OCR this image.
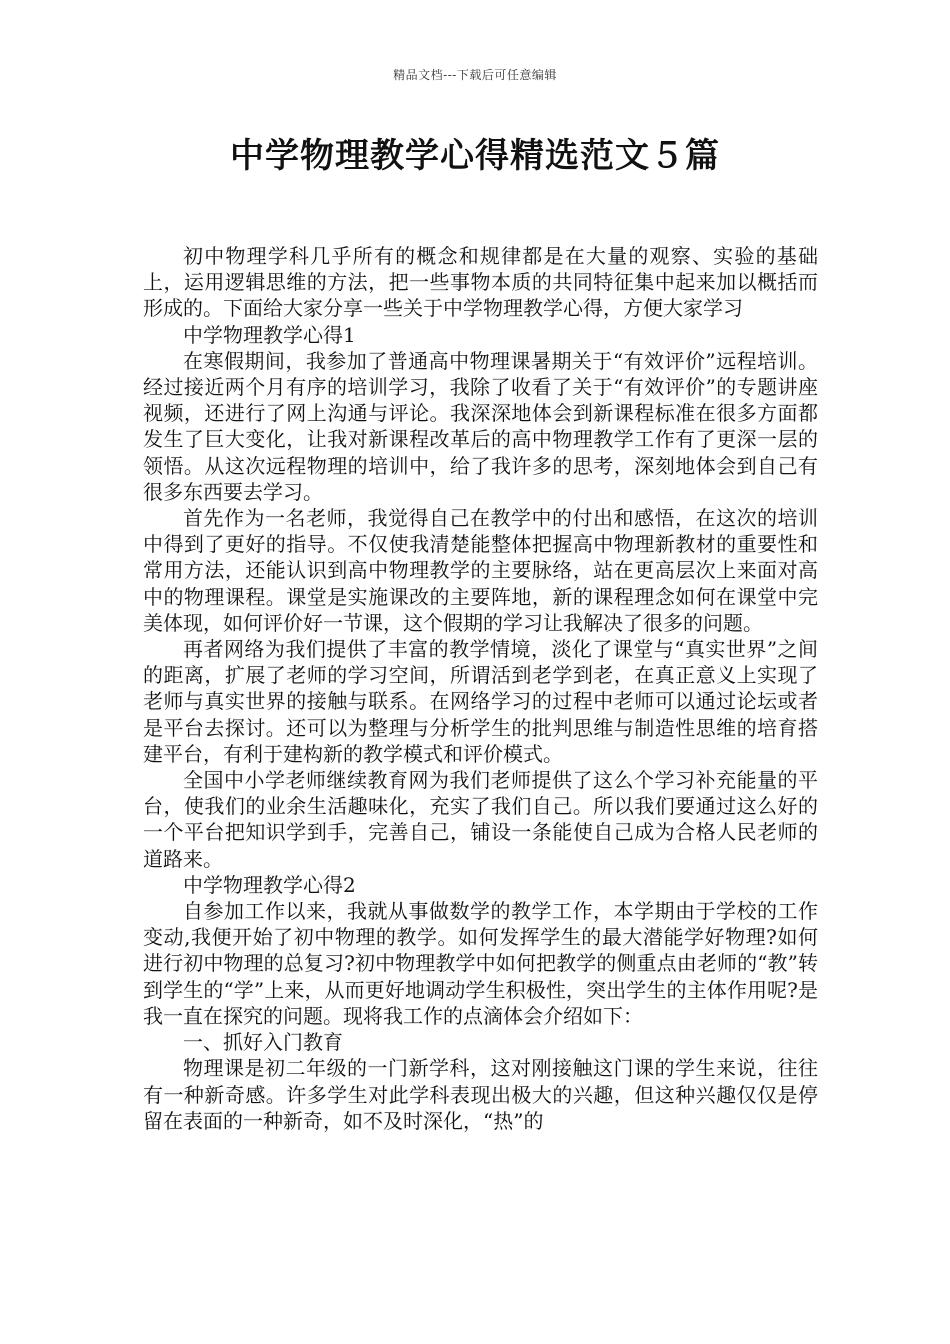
精品文档---下载后可任意编辑
中学物理教学心得精选范文５篇

初中物理学科几乎所有的概念和规律都是在大量的观察、实验的基础上，运用逻辑思维的方法，把一些事物本质的共同特征集中起来加以概括而形成的。下面给大家分享一些关于中学物理教学心得，方便大家学习

中学物理教学心得1

在寒假期间，我参加了普通高中物理课暑期关于“有效评价”远程培训。经过接近两个月有序的培训学习，我除了收看了关于“有效评价”的专题讲座视频，还进行了网上沟通与评论。我深深地体会到新课程标准在很多方面都发生了巨大变化，让我对新课程改革后的高中物理教学工作有了更深一层的领悟。从这次远程物理的培训中，给了我许多的思考，深刻地体会到自己有很多东西要去学习。

首先作为一名老师，我觉得自己在教学中的付出和感悟，在这次的培训中得到了更好的指导。不仅使我清楚能整体把握高中物理新教材的重要性和常用方法，还能认识到高中物理教学的主要脉络，站在更高层次上来面对高中的物理课程。课堂是实施课改的主要阵地，新的课程理念如何在课堂中完美体现，如何评价好一节课，这个假期的学习让我解决了很多的问题。

再者网络为我们提供了丰富的教学情境，淡化了课堂与“真实世界”之间的距离，扩展了老师的学习空间，所谓活到老学到老，在真正意义上实现了老师与真实世界的接触与联系。在网络学习的过程中老师可以通过论坛或者是平台去探讨。还可以为整理与分析学生的批判思维与制造性思维的培育搭建平台，有利于建构新的教学模式和评价模式。

全国中小学老师继续教育网为我们老师提供了这么个学习补充能量的平台，使我们的业余生活趣味化，充实了我们自己。所以我们要通过这么好的一个平台把知识学到手，完善自己，铺设一条能使自己成为合格人民老师的道路来。

中学物理教学心得2

自参加工作以来，我就从事做数学的教学工作，本学期由于学校的工作变动,我便开始了初中物理的教学。如何发挥学生的最大潜能学好物理?如何进行初中物理的总复习?初中物理教学中如何把教学的侧重点由老师的“教”转到学生的“学”上来，从而更好地调动学生积极性，突出学生的主体作用呢?是我一直在探究的问题。现将我工作的点滴体会介绍如下：

一、抓好入门教育

物理课是初二年级的一门新学科，这对刚接触这门课的学生来说，往往有一种新奇感。许多学生对此学科表现出极大的兴趣，但这种兴趣仅仅是停留在表面的一种新奇，如不及时深化，“热”的
